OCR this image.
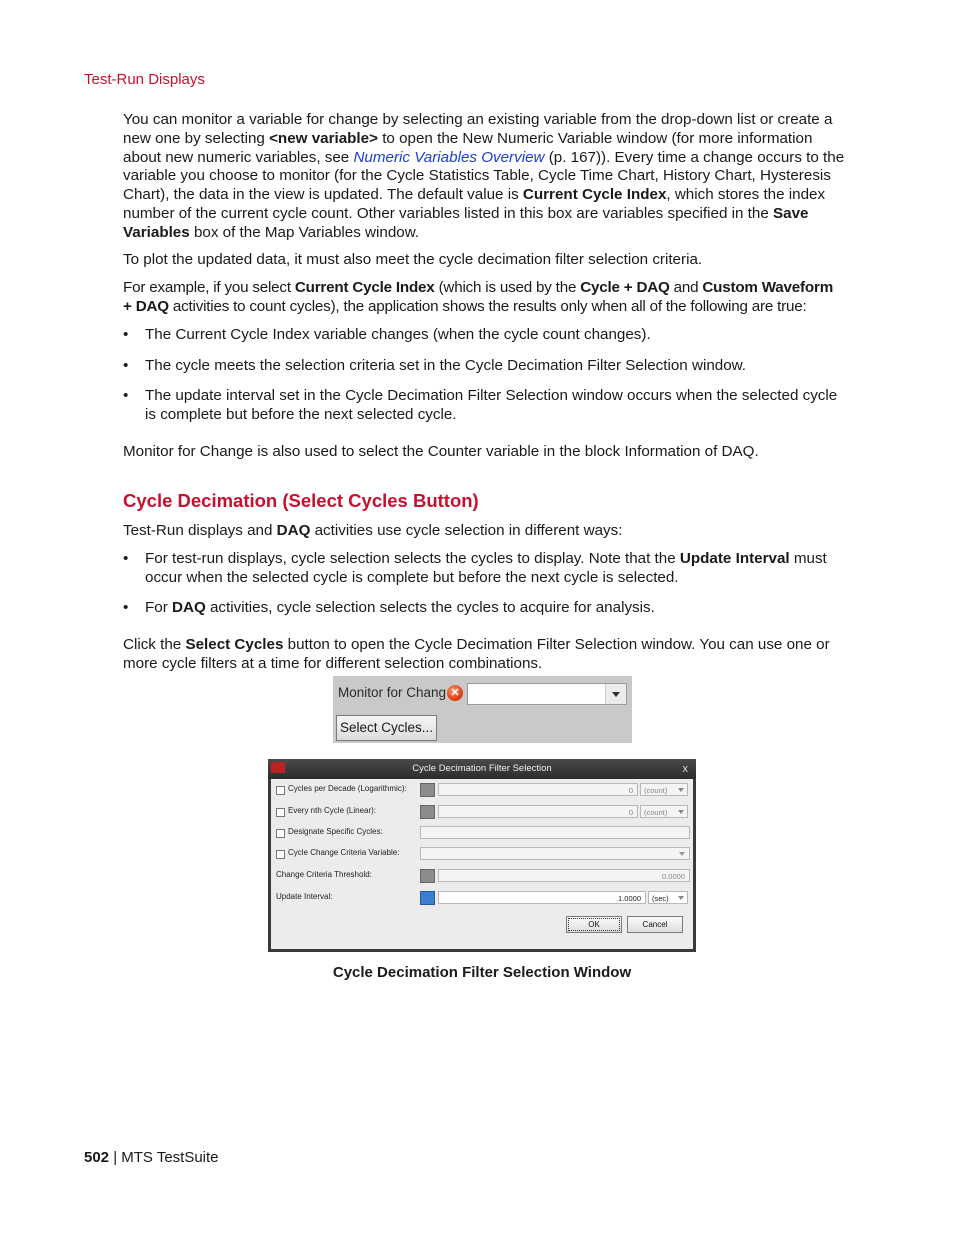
Test-Run Displays
You can monitor a variable for change by selecting an existing variable from the drop-down list or create a new one by selecting <new variable> to open the New Numeric Variable window (for more information about new numeric variables, see Numeric Variables Overview (p. 167)). Every time a change occurs to the variable you choose to monitor (for the Cycle Statistics Table, Cycle Time Chart, History Chart, Hysteresis Chart), the data in the view is updated. The default value is Current Cycle Index, which stores the index number of the current cycle count. Other variables listed in this box are variables specified in the Save Variables box of the Map Variables window.
To plot the updated data, it must also meet the cycle decimation filter selection criteria.
For example, if you select Current Cycle Index (which is used by the Cycle + DAQ and Custom Waveform + DAQ activities to count cycles), the application shows the results only when all of the following are true:
• The Current Cycle Index variable changes (when the cycle count changes).
• The cycle meets the selection criteria set in the Cycle Decimation Filter Selection window.
• The update interval set in the Cycle Decimation Filter Selection window occurs when the selected cycle is complete but before the next selected cycle.
Monitor for Change is also used to select the Counter variable in the block Information of DAQ.
Cycle Decimation (Select Cycles Button)
Test-Run displays and DAQ activities use cycle selection in different ways:
• For test-run displays, cycle selection selects the cycles to display. Note that the Update Interval must occur when the selected cycle is complete but before the next cycle is selected.
• For DAQ activities, cycle selection selects the cycles to acquire for analysis.
Click the Select Cycles button to open the Cycle Decimation Filter Selection window. You can use one or more cycle filters at a time for different selection combinations.
Monitor for Chang ✕
Select Cycles...
Cycle Decimation Filter Selection	x
Cycles per Decade (Logarithmic):	0	(count)
Every nth Cycle (Linear):	0	(count)
Designate Specific Cycles:
Cycle Change Criteria Variable:
Change Criteria Threshold:	0.0000
Update Interval:	1.0000	(sec)
OK	Cancel
Cycle Decimation Filter Selection Window
502 | MTS TestSuite
